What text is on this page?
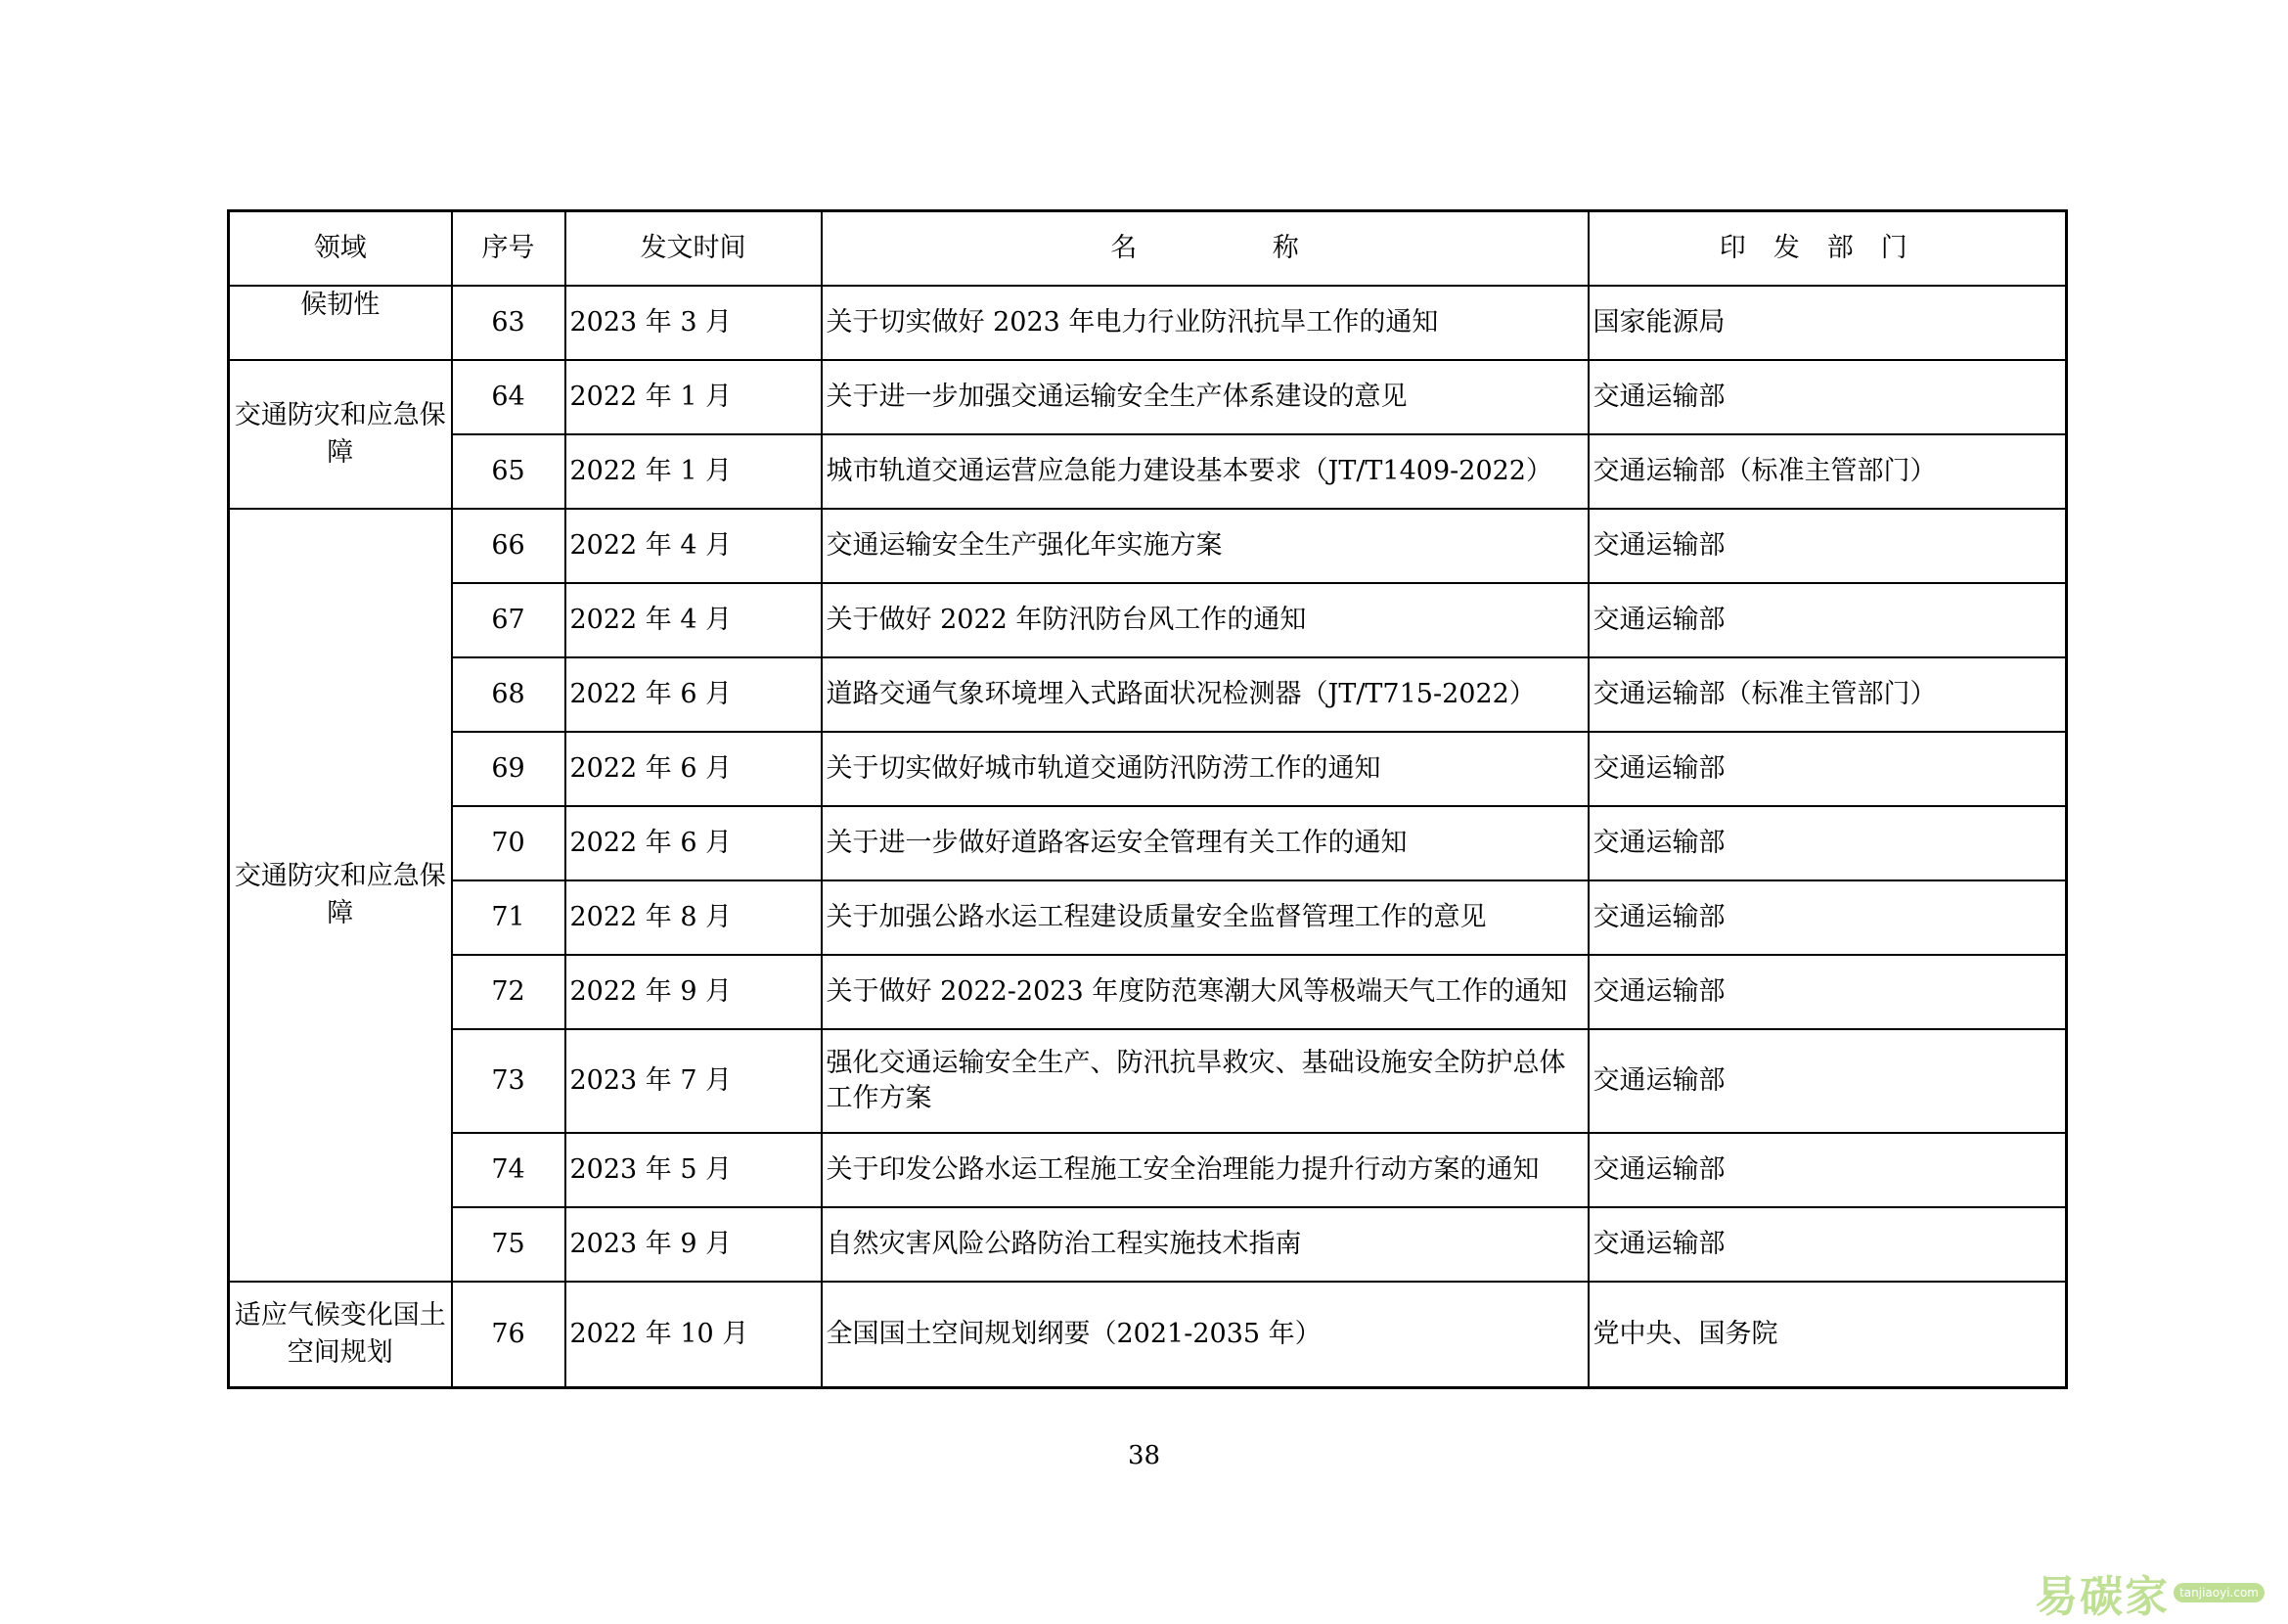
领域	序号	发文时间	名 称	印发部门
候韧性	63	2023 年 3 月	关于切实做好 2023 年电力行业防汛抗旱工作的通知	国家能源局
交通防灾和应急保障	64	2022 年 1 月	关于进一步加强交通运输安全生产体系建设的意见	交通运输部
	65	2022 年 1 月	城市轨道交通运营应急能力建设基本要求（JT/T1409-2022）	交通运输部（标准主管部门）
交通防灾和应急保障	66	2022 年 4 月	交通运输安全生产强化年实施方案	交通运输部
	67	2022 年 4 月	关于做好 2022 年防汛防台风工作的通知	交通运输部
	68	2022 年 6 月	道路交通气象环境埋入式路面状况检测器（JT/T715-2022）	交通运输部（标准主管部门）
	69	2022 年 6 月	关于切实做好城市轨道交通防汛防涝工作的通知	交通运输部
	70	2022 年 6 月	关于进一步做好道路客运安全管理有关工作的通知	交通运输部
	71	2022 年 8 月	关于加强公路水运工程建设质量安全监督管理工作的意见	交通运输部
	72	2022 年 9 月	关于做好 2022-2023 年度防范寒潮大风等极端天气工作的通知	交通运输部
	73	2023 年 7 月	强化交通运输安全生产、防汛抗旱救灾、基础设施安全防护总体工作方案	交通运输部
	74	2023 年 5 月	关于印发公路水运工程施工安全治理能力提升行动方案的通知	交通运输部
	75	2023 年 9 月	自然灾害风险公路防治工程实施技术指南	交通运输部
适应气候变化国土空间规划	76	2022 年 10 月	全国国土空间规划纲要（2021-2035 年）	党中央、国务院
38
易碳家 tanjiaoyi.com
